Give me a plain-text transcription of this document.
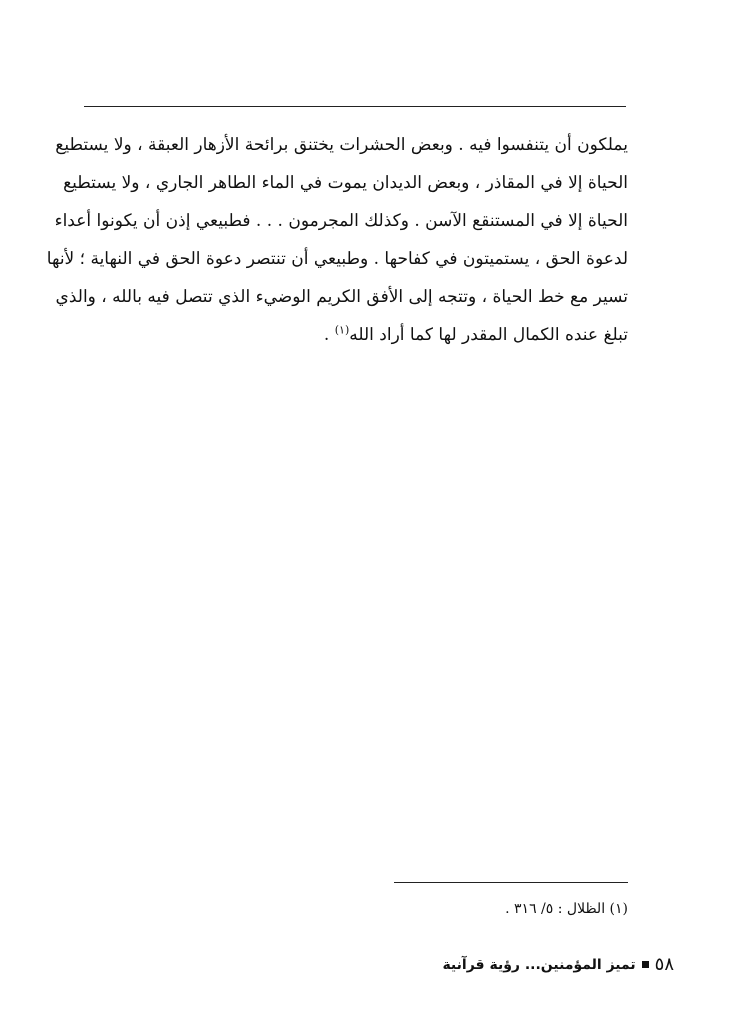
يملكون أن يتنفسوا فيه . وبعض الحشرات يختنق برائحة الأزهار العبقة ، ولا يستطيع
الحياة إلا في المقاذر ، وبعض الديدان يموت في الماء الطاهر الجاري ، ولا يستطيع
الحياة إلا في المستنقع الآسن . وكذلك المجرمون . . . فطبيعي إذن أن يكونوا أعداء
لدعوة الحق ، يستميتون في كفاحها . وطبيعي أن تنتصر دعوة الحق في النهاية ؛ لأنها
تسير مع خط الحياة ، وتتجه إلى الأفق الكريم الوضيء الذي تتصل فيه بالله ، والذي
تبلغ عنده الكمال المقدر لها كما أراد الله$^{(١)}$ .
(١) الظلال : ٥/ ٣١٦ .
٥٨
تميز المؤمنين... رؤية قرآنية
